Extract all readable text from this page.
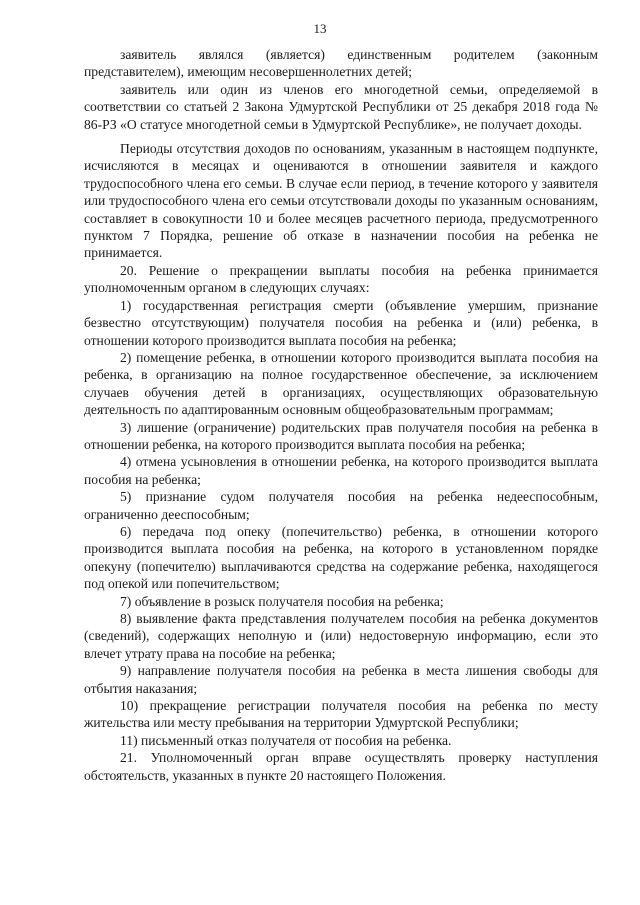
13

заявитель являлся (является) единственным родителем (законным представителем), имеющим несовершеннолетних детей;

заявитель или один из членов его многодетной семьи, определяемой в соответствии со статьей 2 Закона Удмуртской Республики от 25 декабря 2018 года № 86-РЗ «О статусе многодетной семьи в Удмуртской Республике», не получает доходы.

Периоды отсутствия доходов по основаниям, указанным в настоящем подпункте, исчисляются в месяцах и оцениваются в отношении заявителя и каждого трудоспособного члена его семьи. В случае если период, в течение которого у заявителя или трудоспособного члена его семьи отсутствовали доходы по указанным основаниям, составляет в совокупности 10 и более месяцев расчетного периода, предусмотренного пунктом 7 Порядка, решение об отказе в назначении пособия на ребенка не принимается.

20. Решение о прекращении выплаты пособия на ребенка принимается уполномоченным органом в следующих случаях:

1) государственная регистрация смерти (объявление умершим, признание безвестно отсутствующим) получателя пособия на ребенка и (или) ребенка, в отношении которого производится выплата пособия на ребенка;

2) помещение ребенка, в отношении которого производится выплата пособия на ребенка, в организацию на полное государственное обеспечение, за исключением случаев обучения детей в организациях, осуществляющих образовательную деятельность по адаптированным основным общеобразовательным программам;

3) лишение (ограничение) родительских прав получателя пособия на ребенка в отношении ребенка, на которого производится выплата пособия на ребенка;

4) отмена усыновления в отношении ребенка, на которого производится выплата пособия на ребенка;

5) признание судом получателя пособия на ребенка недееспособным, ограниченно дееспособным;

6) передача под опеку (попечительство) ребенка, в отношении которого производится выплата пособия на ребенка, на которого в установленном порядке опекуну (попечителю) выплачиваются средства на содержание ребенка, находящегося под опекой или попечительством;

7) объявление в розыск получателя пособия на ребенка;

8) выявление факта представления получателем пособия на ребенка документов (сведений), содержащих неполную и (или) недостоверную информацию, если это влечет утрату права на пособие на ребенка;

9) направление получателя пособия на ребенка в места лишения свободы для отбытия наказания;

10) прекращение регистрации получателя пособия на ребенка по месту жительства или месту пребывания на территории Удмуртской Республики;

11) письменный отказ получателя от пособия на ребенка.

21. Уполномоченный орган вправе осуществлять проверку наступления обстоятельств, указанных в пункте 20 настоящего Положения.
